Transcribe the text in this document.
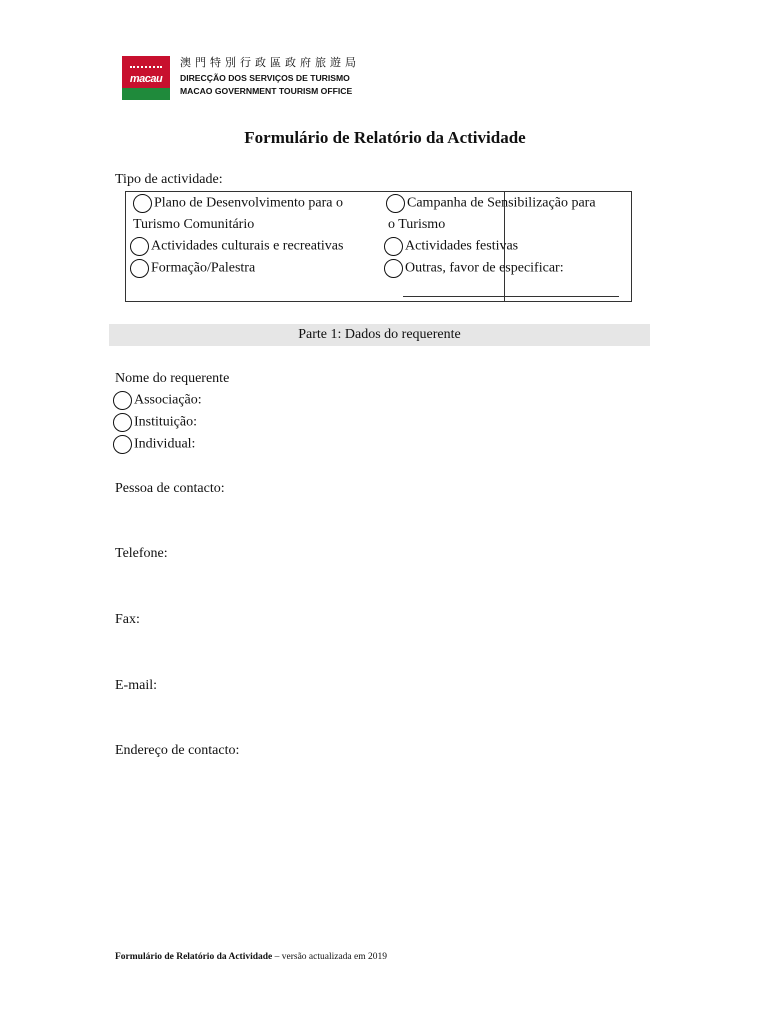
macau
澳門特別行政區政府旅遊局
DIRECÇÃO DOS SERVIÇOS DE TURISMO
MACAO GOVERNMENT TOURISM OFFICE
Formulário de Relatório da Actividade
Tipo de actividade:
Plano de Desenvolvimento para o
Turismo Comunitário
Actividades culturais e recreativas
Formação/Palestra
Campanha de Sensibilização para
o Turismo
Actividades festivas
Outras, favor de especificar:
Parte 1: Dados do requerente
Nome do requerente
Associação:
Instituição:
Individual:
Pessoa de contacto:
Telefone:
Fax:
E-mail:
Endereço de contacto:
Formulário de Relatório da Actividade – versão actualizada em 2019
